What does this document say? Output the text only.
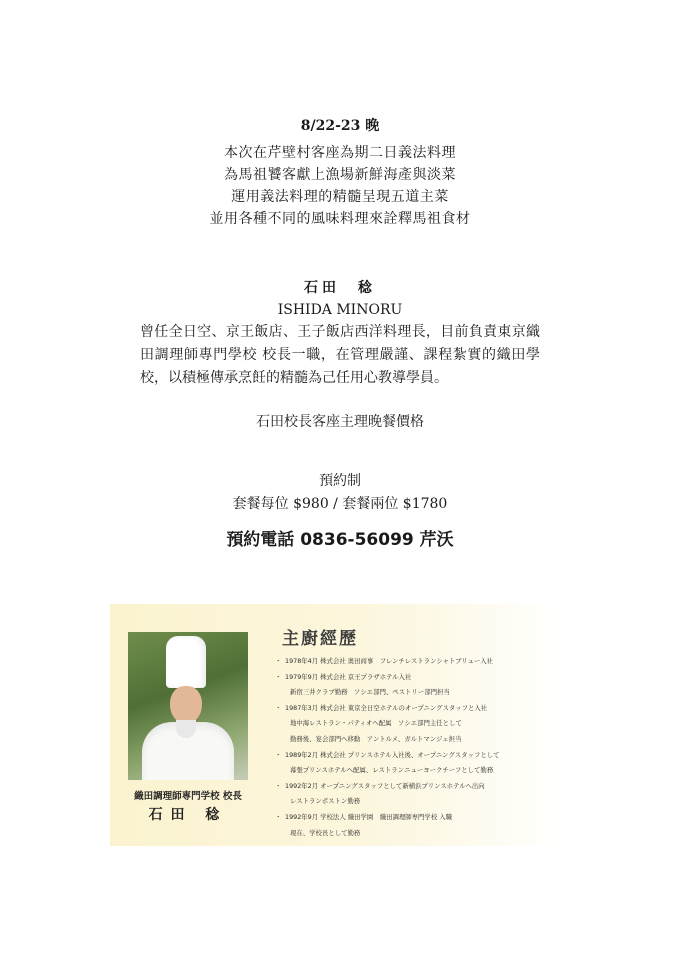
8/22-23 晚
本次在芹壁村客座為期二日義法料理
為馬祖饕客獻上漁場新鮮海產與淡菜
運用義法料理的精髓呈現五道主菜
並用各種不同的風味料理來詮釋馬祖食材
石田　稔
ISHIDA MINORU

曾任全日空、京王飯店、王子飯店西洋料理長，目前負責東京織田調理師專門學校 校長一職，在管理嚴謹、課程紮實的織田學校，以積極傳承烹飪的精髓為己任用心教導學員。

石田校長客座主理晚餐價格
預約制
套餐每位 $980 / 套餐兩位 $1780
預約電話 0836-56099 芹沃
織田調理師専門学校 校長
石田 稔
主廚經歷
・ 1978年4月 株式会社 奥田商事　フレンチレストランシャトブリュー入社
・ 1979年9月 株式会社 京王プラザホテル入社
新宿三井クラブ勤務　ソシエ部門、ペストリー部門担当
・ 1987年3月 株式会社 東京全日空ホテルのオープニングスタッフと入社
地中海レストラン・パティオへ配属　ソシエ部門主任として
勤務後、宴会部門へ移動　アントルメ、ガルトマンジェ担当
・ 1989年2月 株式会社 プリンスホテル入社後、オープニングスタッフとして
幕張プリンスホテルへ配属、レストランニューヨークチーフとして勤務
・ 1992年2月 オープニングスタッフとして新横浜プリンスホテルへ出向
レストランボストン勤務
・ 1992年9月 学校法人 織田学園　織田調理師専門学校 入職
現在、学校長として勤務
